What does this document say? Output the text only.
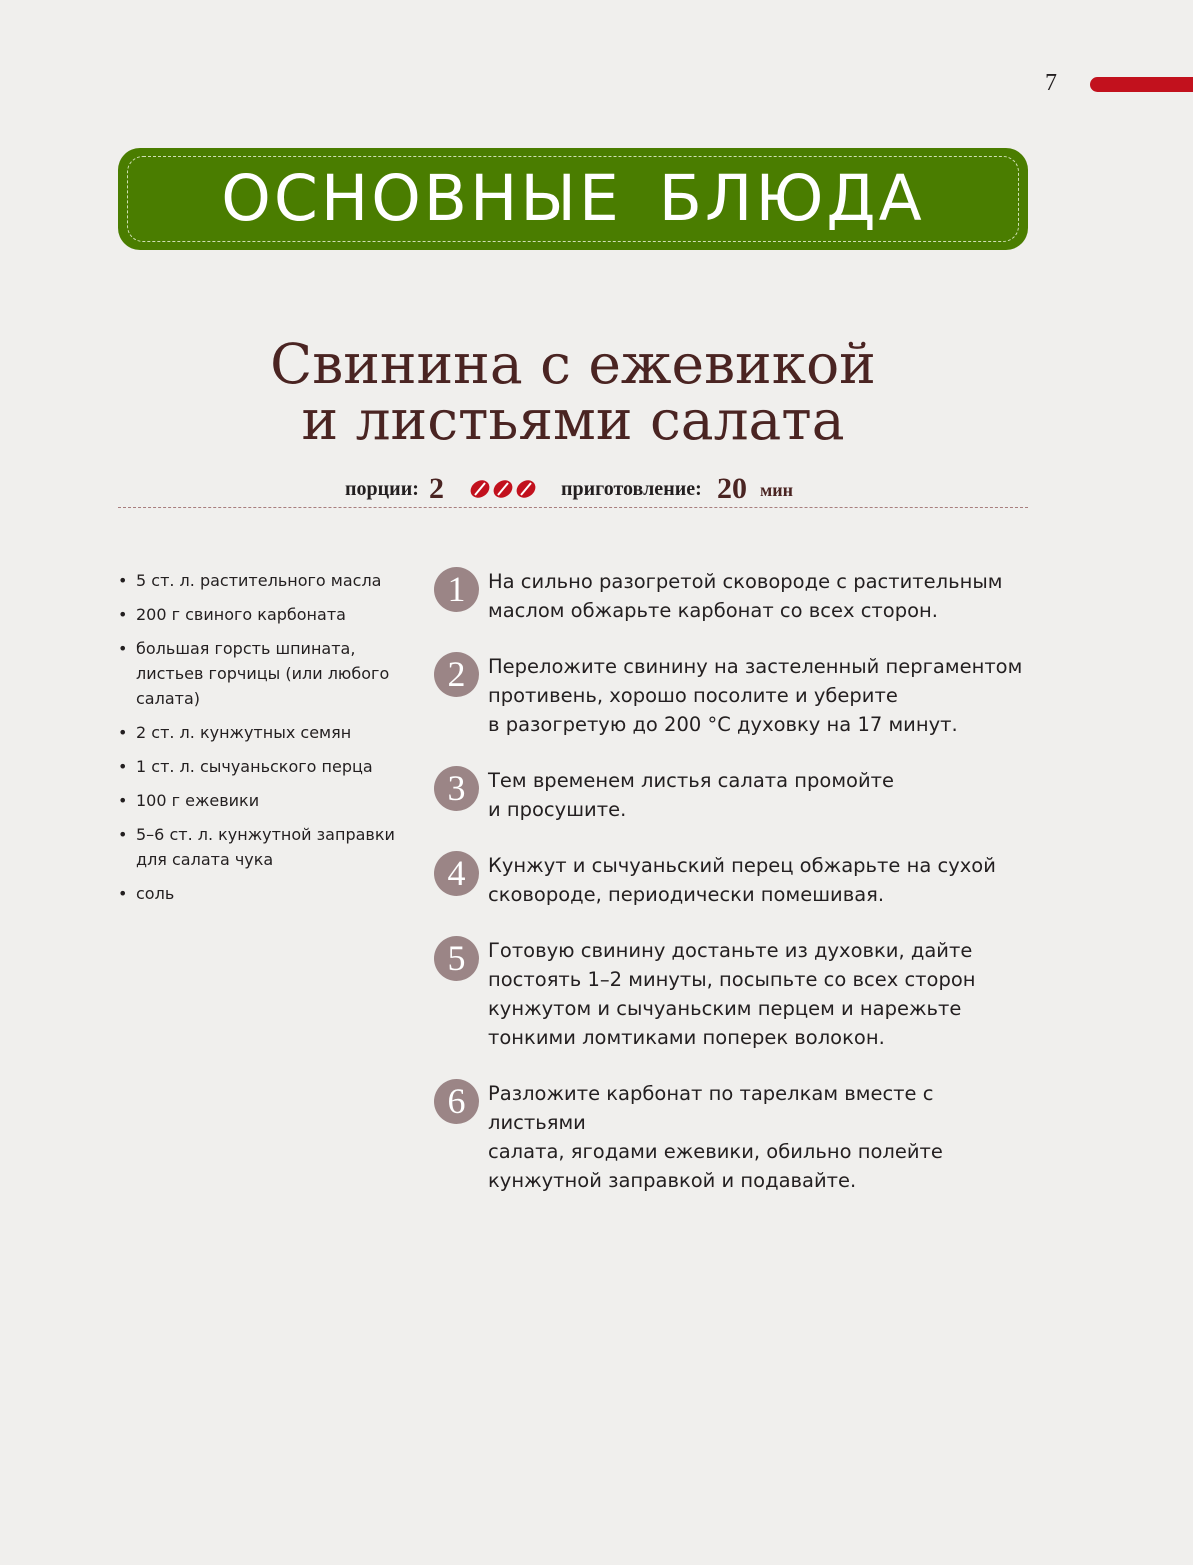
7
ОСНОВНЫЕ БЛЮДА
Свинина с ежевикой
и листьями салата
порции: 2	приготовление: 20 мин
• 5 ст. л. растительного масла
• 200 г свиного карбоната
• большая горсть шпината, листьев горчицы (или любого салата)
• 2 ст. л. кунжутных семян
• 1 ст. л. сычуаньского перца
• 100 г ежевики
• 5–6 ст. л. кунжутной заправки для салата чука
• соль
1	На сильно разогретой сковороде с растительным
маслом обжарьте карбонат со всех сторон.
2	Переложите свинину на застеленный пергаментом
противень, хорошо посолите и уберите
в разогретую до 200 °С духовку на 17 минут.
3	Тем временем листья салата промойте
и просушите.
4	Кунжут и сычуаньский перец обжарьте на сухой
сковороде, периодически помешивая.
5	Готовую свинину достаньте из духовки, дайте
постоять 1–2 минуты, посыпьте со всех сторон
кунжутом и сычуаньским перцем и нарежьте
тонкими ломтиками поперек волокон.
6	Разложите карбонат по тарелкам вместе с листьями
салата, ягодами ежевики, обильно полейте
кунжутной заправкой и подавайте.
